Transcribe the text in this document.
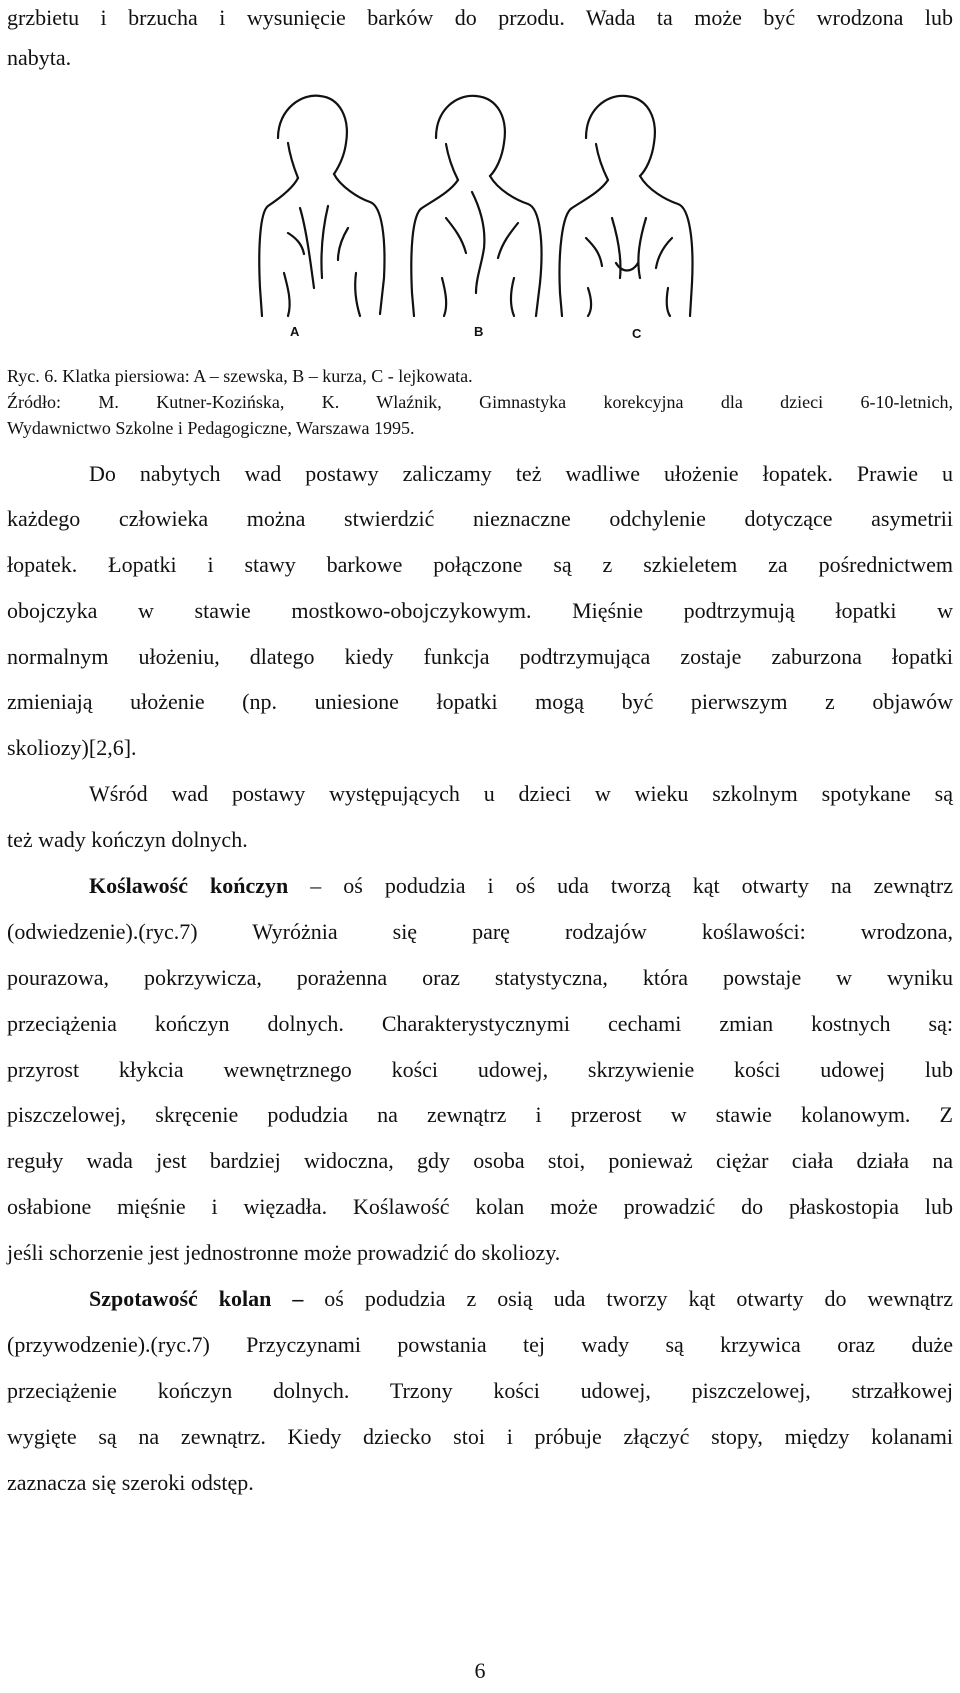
grzbietu i brzucha i wysunięcie barków do przodu. Wada ta może być wrodzona lub
nabyta.
A	B	C
Ryc. 6. Klatka piersiowa: A – szewska, B – kurza, C - lejkowata.
Źródło: M. Kutner-Kozińska, K. Wlaźnik, Gimnastyka korekcyjna dla dzieci 6-10-letnich,
Wydawnictwo Szkolne i Pedagogiczne, Warszawa 1995.
Do nabytych wad postawy zaliczamy też wadliwe ułożenie łopatek. Prawie u
każdego człowieka można stwierdzić nieznaczne odchylenie dotyczące asymetrii
łopatek. Łopatki i stawy barkowe połączone są z szkieletem za pośrednictwem
obojczyka w stawie mostkowo-obojczykowym. Mięśnie podtrzymują łopatki w
normalnym ułożeniu, dlatego kiedy funkcja podtrzymująca zostaje zaburzona łopatki
zmieniają ułożenie (np. uniesione łopatki mogą być pierwszym z objawów
skoliozy)[2,6].
Wśród wad postawy występujących u dzieci w wieku szkolnym spotykane są
też wady kończyn dolnych.
Koślawość kończyn – oś podudzia i oś uda tworzą kąt otwarty na zewnątrz
(odwiedzenie).(ryc.7) Wyróżnia się parę rodzajów koślawości: wrodzona,
pourazowa, pokrzywicza, porażenna oraz statystyczna, która powstaje w wyniku
przeciążenia kończyn dolnych. Charakterystycznymi cechami zmian kostnych są:
przyrost kłykcia wewnętrznego kości udowej, skrzywienie kości udowej lub
piszczelowej, skręcenie podudzia na zewnątrz i przerost w stawie kolanowym. Z
reguły wada jest bardziej widoczna, gdy osoba stoi, ponieważ ciężar ciała działa na
osłabione mięśnie i więzadła. Koślawość kolan może prowadzić do płaskostopia lub
jeśli schorzenie jest jednostronne może prowadzić do skoliozy.
Szpotawość kolan – oś podudzia z osią uda tworzy kąt otwarty do wewnątrz
(przywodzenie).(ryc.7) Przyczynami powstania tej wady są krzywica oraz duże
przeciążenie kończyn dolnych. Trzony kości udowej, piszczelowej, strzałkowej
wygięte są na zewnątrz. Kiedy dziecko stoi i próbuje złączyć stopy, między kolanami
zaznacza się szeroki odstęp.
6
